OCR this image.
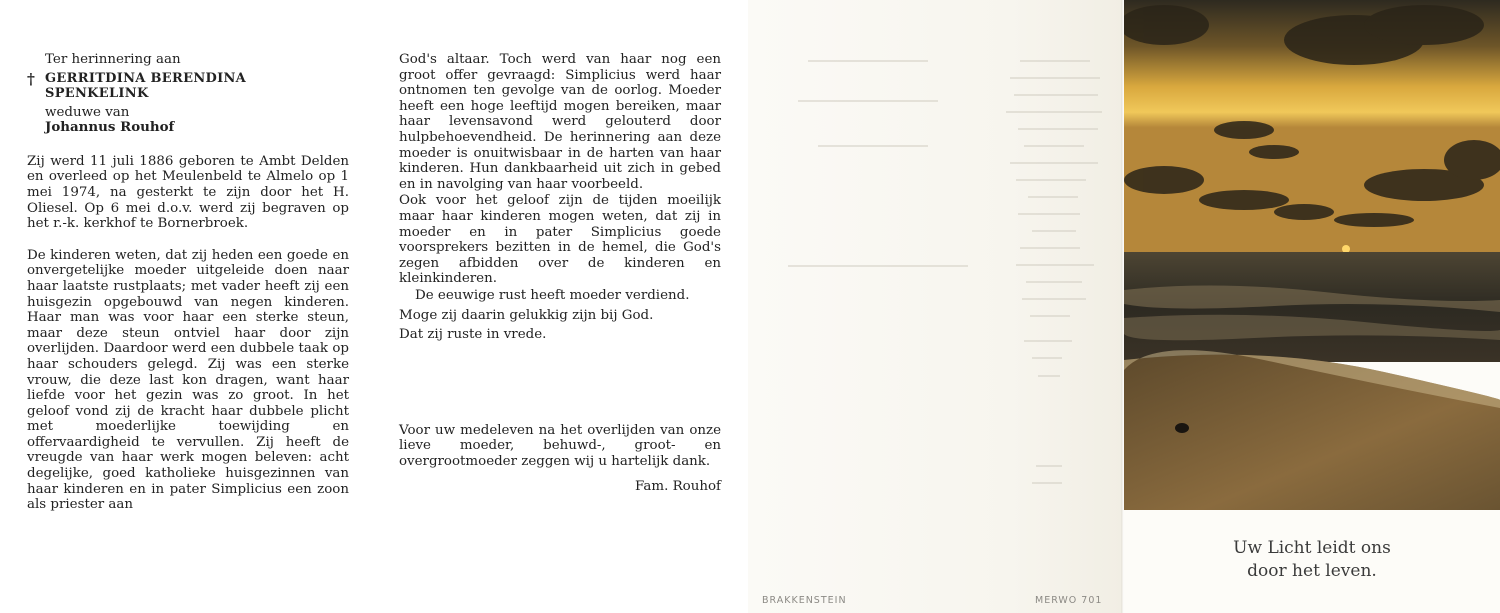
Ter herinnering aan
† GERRITDINA BERENDINA
SPENKELINK
weduwe van
Johannus Rouhof

Zij werd 11 juli 1886 geboren te Ambt Delden en overleed op het Meulenbeld te Almelo op 1 mei 1974, na gesterkt te zijn door het H. Oliesel. Op 6 mei d.o.v. werd zij begraven op het r.-k. kerkhof te Bornerbroek.

De kinderen weten, dat zij heden een goede en onvergetelijke moeder uitgeleide doen naar haar laatste rustplaats; met vader heeft zij een huisgezin opgebouwd van negen kinderen. Haar man was voor haar een sterke steun, maar deze steun ontviel haar door zijn overlijden. Daardoor werd een dubbele taak op haar schouders gelegd. Zij was een sterke vrouw, die deze last kon dragen, want haar liefde voor het gezin was zo groot. In het geloof vond zij de kracht haar dubbele plicht met moederlijke toewijding en offervaardigheid te vervullen. Zij heeft de vreugde van haar werk mogen beleven: acht degelijke, goed katholieke huisgezinnen van haar kinderen en in pater Simplicius een zoon als priester aan

God's altaar. Toch werd van haar nog een groot offer gevraagd: Simplicius werd haar ontnomen ten gevolge van de oorlog. Moeder heeft een hoge leeftijd mogen bereiken, maar haar levensavond werd gelouterd door hulpbehoevendheid. De herinnering aan deze moeder is onuitwisbaar in de harten van haar kinderen. Hun dankbaarheid uit zich in gebed en in navolging van haar voorbeeld.

Ook voor het geloof zijn de tijden moeilijk maar haar kinderen mogen weten, dat zij in moeder en in pater Simplicius goede voorsprekers bezitten in de hemel, die God's zegen afbidden over de kinderen en kleinkinderen.

De eeuwige rust heeft moeder verdiend.

Moge zij daarin gelukkig zijn bij God.

Dat zij ruste in vrede.

Voor uw medeleven na het overlijden van onze lieve moeder, behuwd-, groot- en overgrootmoeder zeggen wij u hartelijk dank.

Fam. Rouhof

BRAKKENSTEIN	MERWO 701
Uw Licht leidt ons
door het leven.
